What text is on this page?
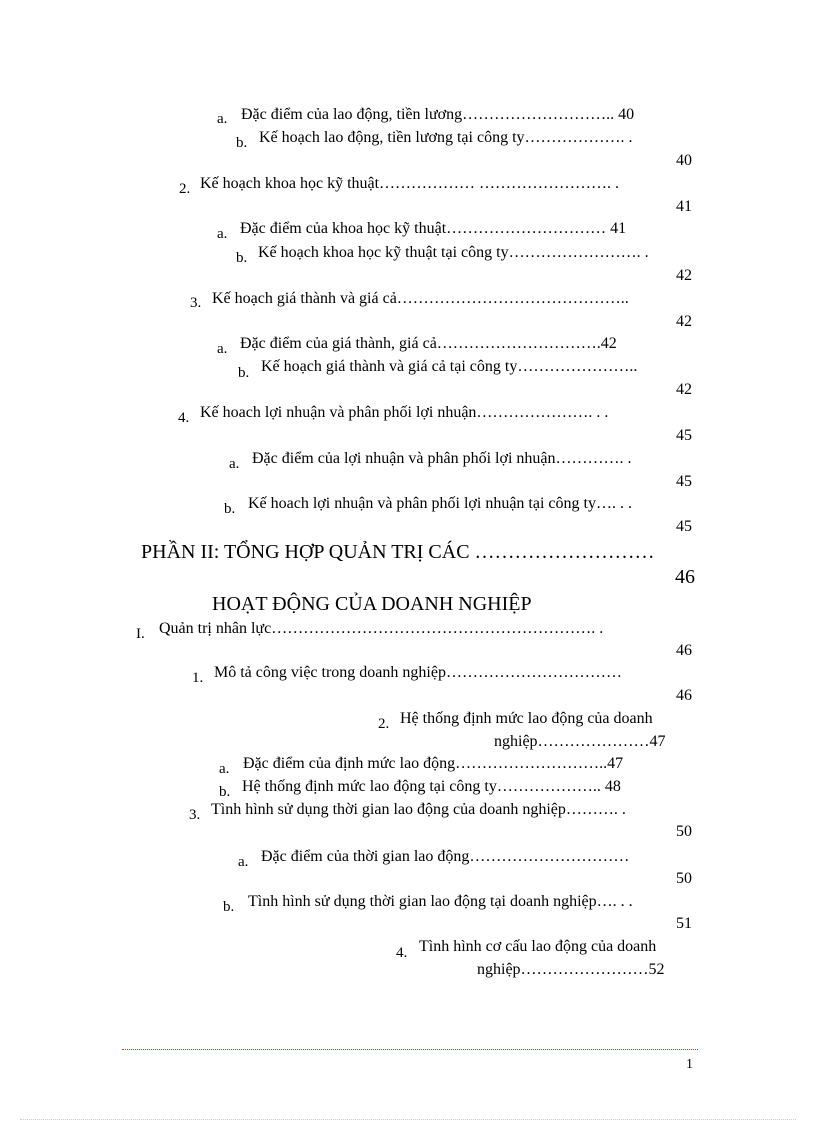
a. Đặc điểm của lao động, tiền lương……………………….. 40
b. Kế hoạch lao động, tiền lương tại công ty………………. .
40
2. Kế hoạch khoa học kỹ thuật……………… ……………………. .
41
a. Đặc điểm của khoa học kỹ thuật………………………… 41
b. Kế hoạch khoa học kỹ thuật tại công ty……………………. .
42
3. Kế hoạch giá thành và giá cả……………………………………..
42
a. Đặc điểm của giá thành, giá cả………………………….42
b. Kế hoạch giá thành và giá cả tại công ty…………………..
42
4. Kế hoach lợi nhuận và phân phối lợi nhuận…………………. . .
45
a. Đặc điểm của lợi nhuận và phân phối lợi nhuận…………. .
45
b. Kế hoach lợi nhuận và phân phối lợi nhuận tại công ty…. . .
45
PHẦN II: TỔNG HỢP QUẢN TRỊ CÁC ………………………
46
HOẠT ĐỘNG CỦA DOANH NGHIỆP
I. Quản trị nhân lực……………………………………………………. .
46
1. Mô tả công việc trong doanh nghiệp……………………………
46
2. Hệ thống định mức lao động của doanh
nghiệp…………………47
a. Đặc điểm của định mức lao động………………………..47
b. Hệ thống định mức lao động tại công ty……………….. 48
3. Tình hình sử dụng thời gian lao động của doanh nghiệp………. .
50
a. Đặc điểm của thời gian lao động…………………………
50
b. Tình hình sử dụng thời gian lao động tại doanh nghiệp…. . .
51
4. Tình hình cơ cấu lao động của doanh
nghiệp……………………52
1
